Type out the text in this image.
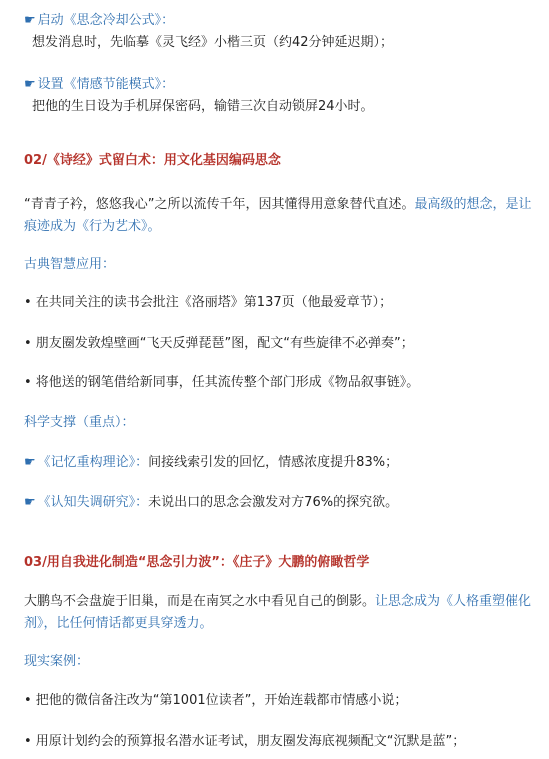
☛ 启动《思念冷却公式》：
想发消息时，先临摹《灵飞经》小楷三页（约42分钟延迟期）；
☛ 设置《情感节能模式》：
把他的生日设为手机屏保密码，输错三次自动锁屏24小时。
02/《诗经》式留白术：用文化基因编码思念
“青青子衿，悠悠我心”之所以流传千年，因其懂得用意象替代直述。最高级的想念，是让痕迹成为《行为艺术》。
古典智慧应用：
• 在共同关注的读书会批注《洛丽塔》第137页（他最爱章节）；
• 朋友圈发敦煌壁画“飞天反弹琵琶”图，配文“有些旋律不必弹奏”；
• 将他送的钢笔借给新同事，任其流传整个部门形成《物品叙事链》。
科学支撑（重点）：
☛ 《记忆重构理论》：间接线索引发的回忆，情感浓度提升83%；
☛ 《认知失调研究》：未说出口的思念会激发对方76%的探究欲。
03/用自我进化制造“思念引力波”：《庄子》大鹏的俯瞰哲学
大鹏鸟不会盘旋于旧巢，而是在南冥之水中看见自己的倒影。让思念成为《人格重塑催化剂》，比任何情话都更具穿透力。
现实案例：
• 把他的微信备注改为“第1001位读者”，开始连载都市情感小说；
• 用原计划约会的预算报名潜水证考试，朋友圈发海底视频配文“沉默是蓝”；
